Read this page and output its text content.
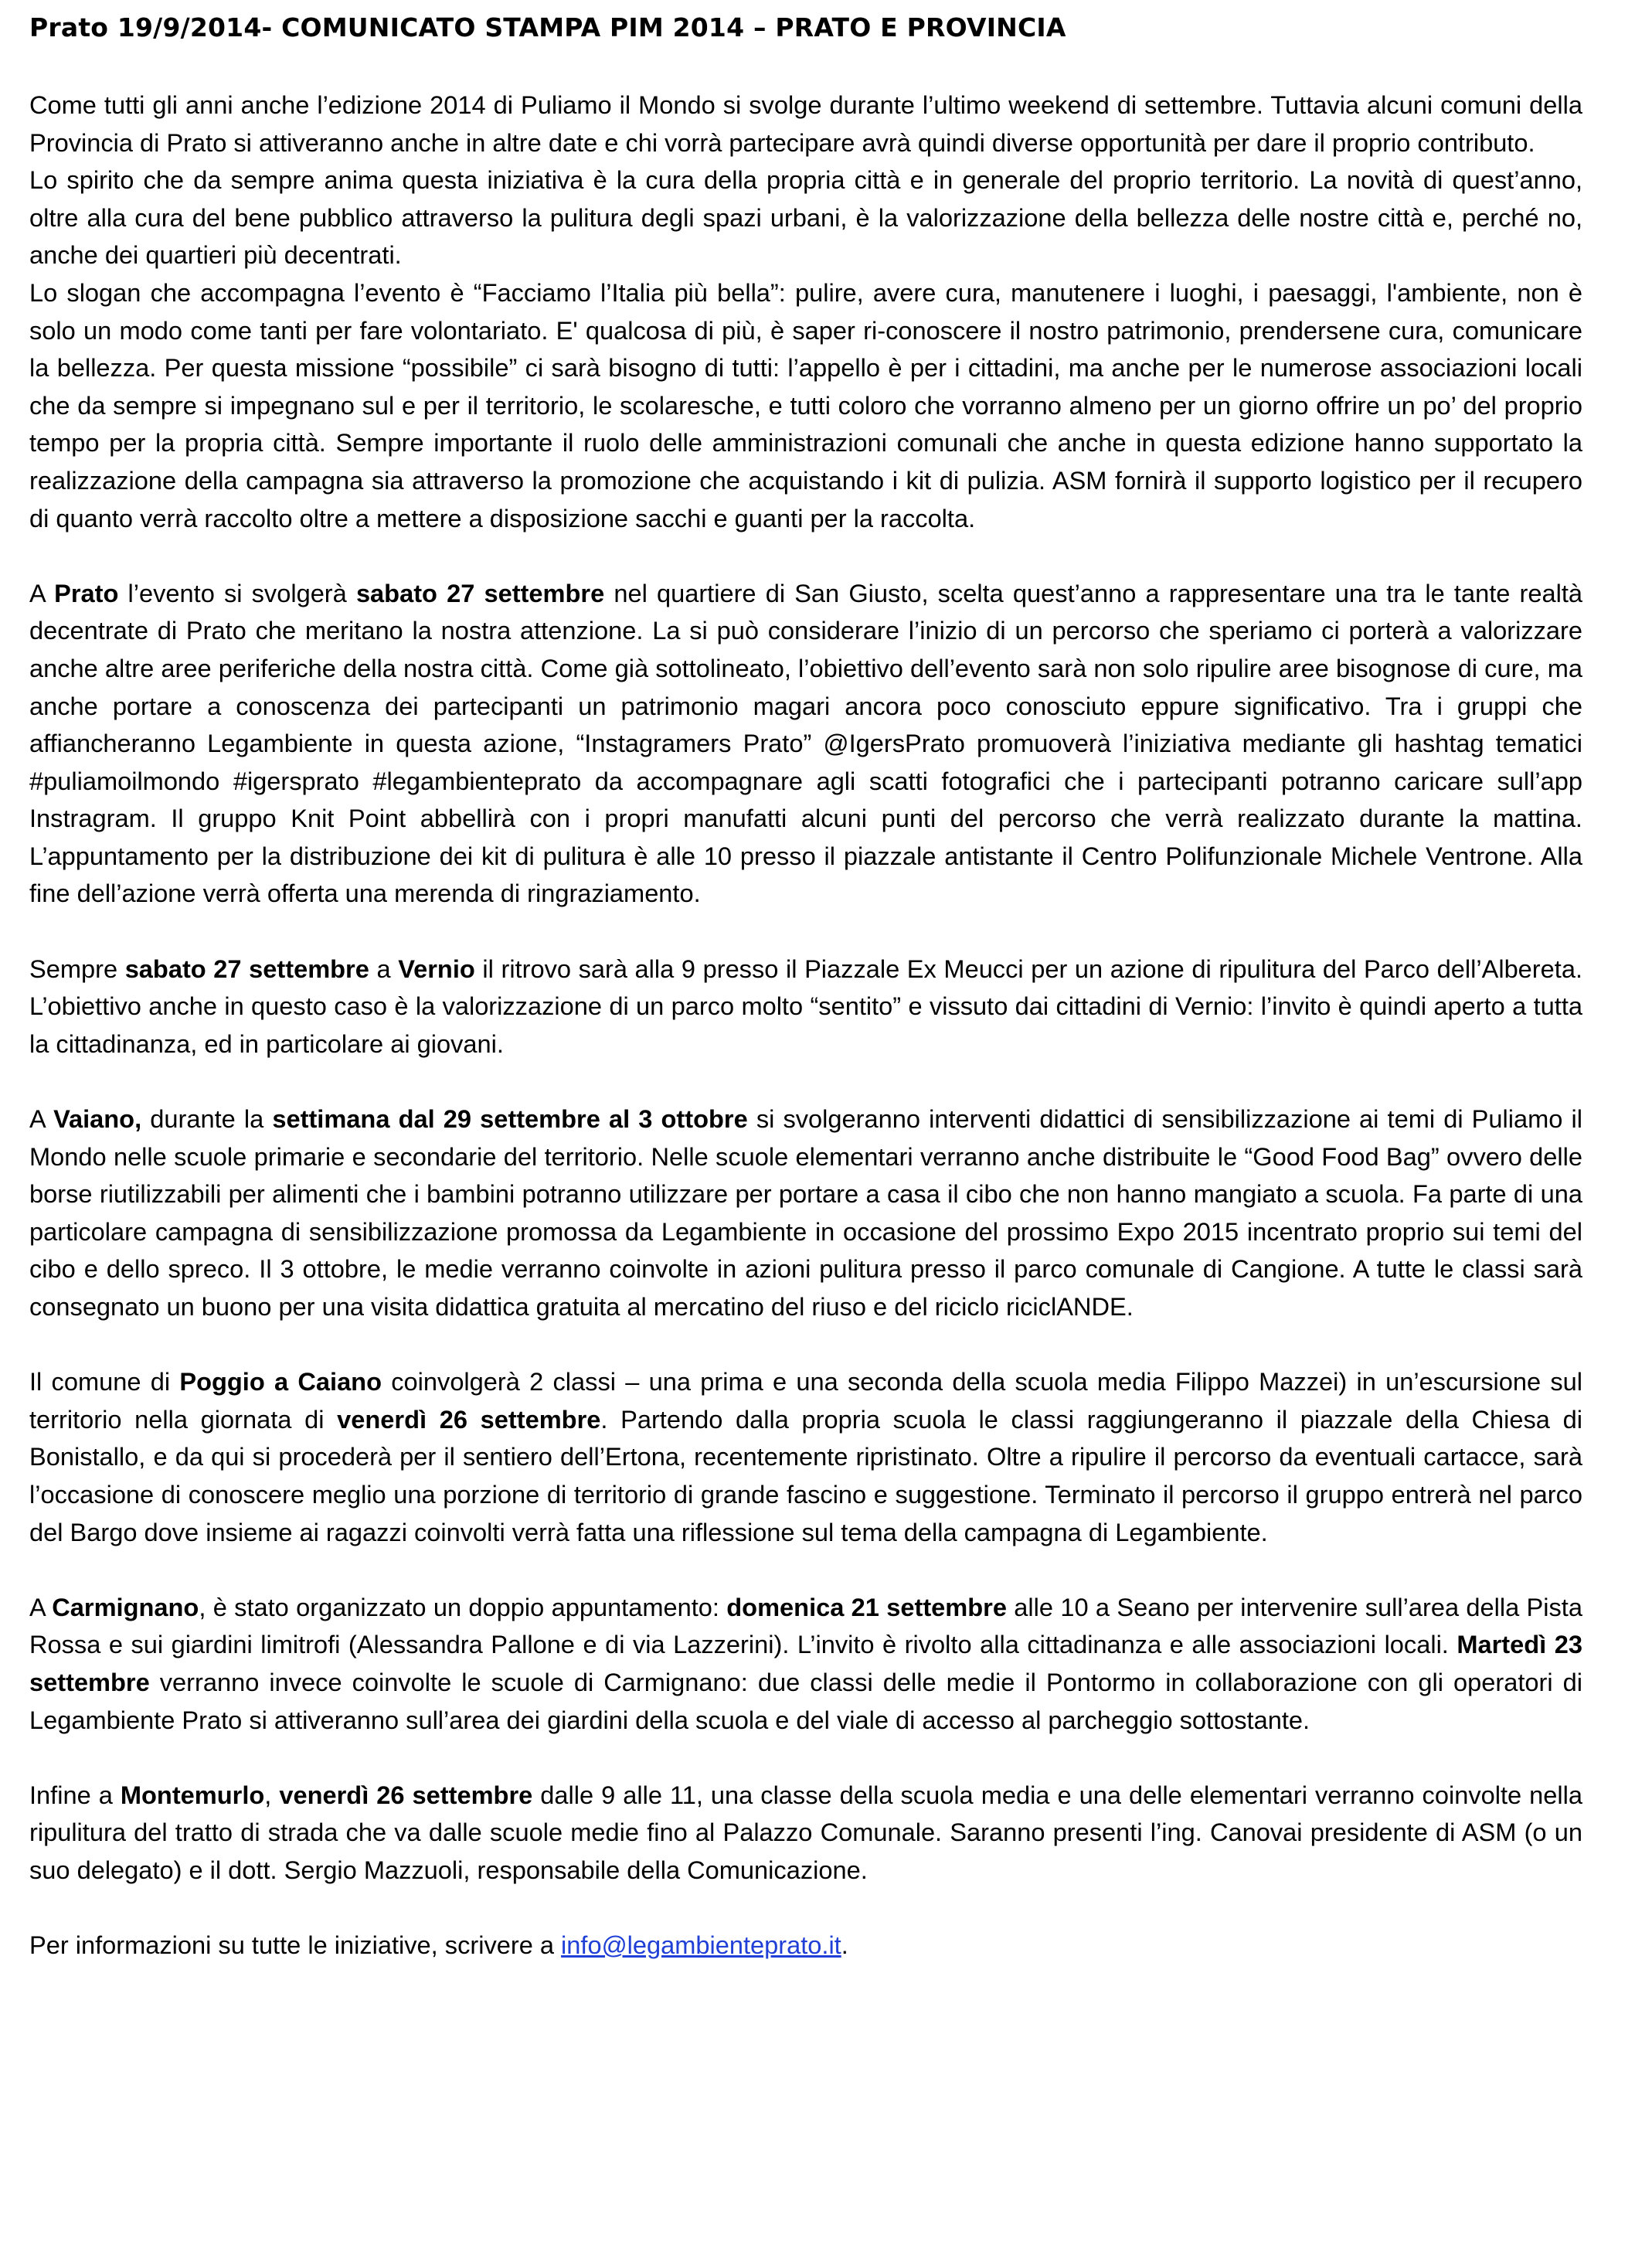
Prato 19/9/2014- COMUNICATO STAMPA PIM 2014 – PRATO E PROVINCIA

Come tutti gli anni anche l’edizione 2014 di Puliamo il Mondo si svolge durante l’ultimo weekend di settembre. Tuttavia alcuni comuni della Provincia di Prato si attiveranno anche in altre date e chi vorrà partecipare avrà quindi diverse opportunità per dare il proprio contributo.

Lo spirito che da sempre anima questa iniziativa è la cura della propria città e in generale del proprio territorio. La novità di quest’anno, oltre alla cura del bene pubblico attraverso la pulitura degli spazi urbani, è la valorizzazione della bellezza delle nostre città e, perché no, anche dei quartieri più decentrati.

Lo slogan che accompagna l’evento è “Facciamo l’Italia più bella”: pulire, avere cura, manutenere i luoghi, i paesaggi, l'ambiente, non è solo un modo come tanti per fare volontariato. E' qualcosa di più, è saper ri-conoscere il nostro patrimonio, prendersene cura, comunicare la bellezza. Per questa missione “possibile” ci sarà bisogno di tutti: l’appello è per i cittadini, ma anche per le numerose associazioni locali che da sempre si impegnano sul e per il territorio, le scolaresche, e tutti coloro che vorranno almeno per un giorno offrire un po’ del proprio tempo per la propria città. Sempre importante il ruolo delle amministrazioni comunali che anche in questa edizione hanno supportato la realizzazione della campagna sia attraverso la promozione che acquistando i kit di pulizia. ASM fornirà il supporto logistico per il recupero di quanto verrà raccolto oltre a mettere a disposizione sacchi e guanti per la raccolta.

A Prato l’evento si svolgerà sabato 27 settembre nel quartiere di San Giusto, scelta quest’anno a rappresentare una tra le tante realtà decentrate di Prato che meritano la nostra attenzione. La si può considerare l’inizio di un percorso che speriamo ci porterà a valorizzare anche altre aree periferiche della nostra città. Come già sottolineato, l’obiettivo dell’evento sarà non solo ripulire aree bisognose di cure, ma anche portare a conoscenza dei partecipanti un patrimonio magari ancora poco conosciuto eppure significativo. Tra i gruppi che affiancheranno Legambiente in questa azione, “Instagramers Prato” @IgersPrato promuoverà l’iniziativa mediante gli hashtag tematici #puliamoilmondo #igersprato #legambienteprato da accompagnare agli scatti fotografici che i partecipanti potranno caricare sull’app Instragram. Il gruppo Knit Point abbellirà con i propri manufatti alcuni punti del percorso che verrà realizzato durante la mattina. L’appuntamento per la distribuzione dei kit di pulitura è alle 10 presso il piazzale antistante il Centro Polifunzionale Michele Ventrone. Alla fine dell’azione verrà offerta una merenda di ringraziamento.

Sempre sabato 27 settembre a Vernio il ritrovo sarà alla 9 presso il Piazzale Ex Meucci per un azione di ripulitura del Parco dell’Albereta. L’obiettivo anche in questo caso è la valorizzazione di un parco molto “sentito” e vissuto dai cittadini di Vernio: l’invito è quindi aperto a tutta la cittadinanza, ed in particolare ai giovani.

A Vaiano, durante la settimana dal 29 settembre al 3 ottobre si svolgeranno interventi didattici di sensibilizzazione ai temi di Puliamo il Mondo nelle scuole primarie e secondarie del territorio. Nelle scuole elementari verranno anche distribuite le “Good Food Bag” ovvero delle borse riutilizzabili per alimenti che i bambini potranno utilizzare per portare a casa il cibo che non hanno mangiato a scuola. Fa parte di una particolare campagna di sensibilizzazione promossa da Legambiente in occasione del prossimo Expo 2015 incentrato proprio sui temi del cibo e dello spreco. Il 3 ottobre, le medie verranno coinvolte in azioni pulitura presso il parco comunale di Cangione. A tutte le classi sarà consegnato un buono per una visita didattica gratuita al mercatino del riuso e del riciclo riciclANDE.

Il comune di Poggio a Caiano coinvolgerà 2 classi – una prima e una seconda della scuola media Filippo Mazzei) in un’escursione sul territorio nella giornata di venerdì 26 settembre. Partendo dalla propria scuola le classi raggiungeranno il piazzale della Chiesa di Bonistallo, e da qui si procederà per il sentiero dell’Ertona, recentemente ripristinato. Oltre a ripulire il percorso da eventuali cartacce, sarà l’occasione di conoscere meglio una porzione di territorio di grande fascino e suggestione. Terminato il percorso il gruppo entrerà nel parco del Bargo dove insieme ai ragazzi coinvolti verrà fatta una riflessione sul tema della campagna di Legambiente.

A Carmignano, è stato organizzato un doppio appuntamento: domenica 21 settembre alle 10 a Seano per intervenire sull’area della Pista Rossa e sui giardini limitrofi (Alessandra Pallone e di via Lazzerini). L’invito è rivolto alla cittadinanza e alle associazioni locali. Martedì 23 settembre verranno invece coinvolte le scuole di Carmignano: due classi delle medie il Pontormo in collaborazione con gli operatori di Legambiente Prato si attiveranno sull’area dei giardini della scuola e del viale di accesso al parcheggio sottostante.

Infine a Montemurlo, venerdì 26 settembre dalle 9 alle 11, una classe della scuola media e una delle elementari verranno coinvolte nella ripulitura del tratto di strada che va dalle scuole medie fino al Palazzo Comunale. Saranno presenti l’ing. Canovai presidente di ASM (o un suo delegato) e il dott. Sergio Mazzuoli, responsabile della Comunicazione.

Per informazioni su tutte le iniziative, scrivere a info@legambienteprato.it.
